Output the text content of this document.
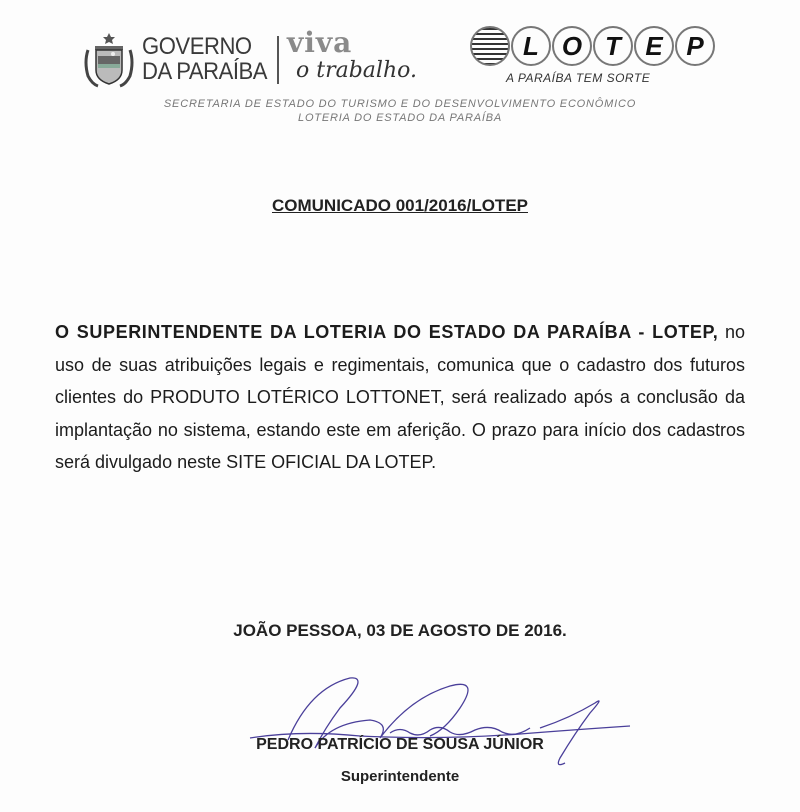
GOVERNO
DA PARAÍBA
viva
o trabalho.
L O T E P
A PARAÍBA TEM SORTE
SECRETARIA DE ESTADO DO TURISMO E DO DESENVOLVIMENTO ECONÔMICO
LOTERIA DO ESTADO DA PARAÍBA
COMUNICADO 001/2016/LOTEP
O SUPERINTENDENTE DA LOTERIA DO ESTADO DA PARAÍBA - LOTEP, no uso de suas atribuições legais e regimentais, comunica que o cadastro dos futuros clientes do PRODUTO LOTÉRICO LOTTONET, será realizado após a conclusão da implantação no sistema, estando este em aferição. O prazo para início dos cadastros será divulgado neste SITE OFICIAL DA LOTEP.
JOÃO PESSOA, 03 DE AGOSTO DE 2016.
PEDRO PATRÍCIO DE SOUSA JÚNIOR
Superintendente
